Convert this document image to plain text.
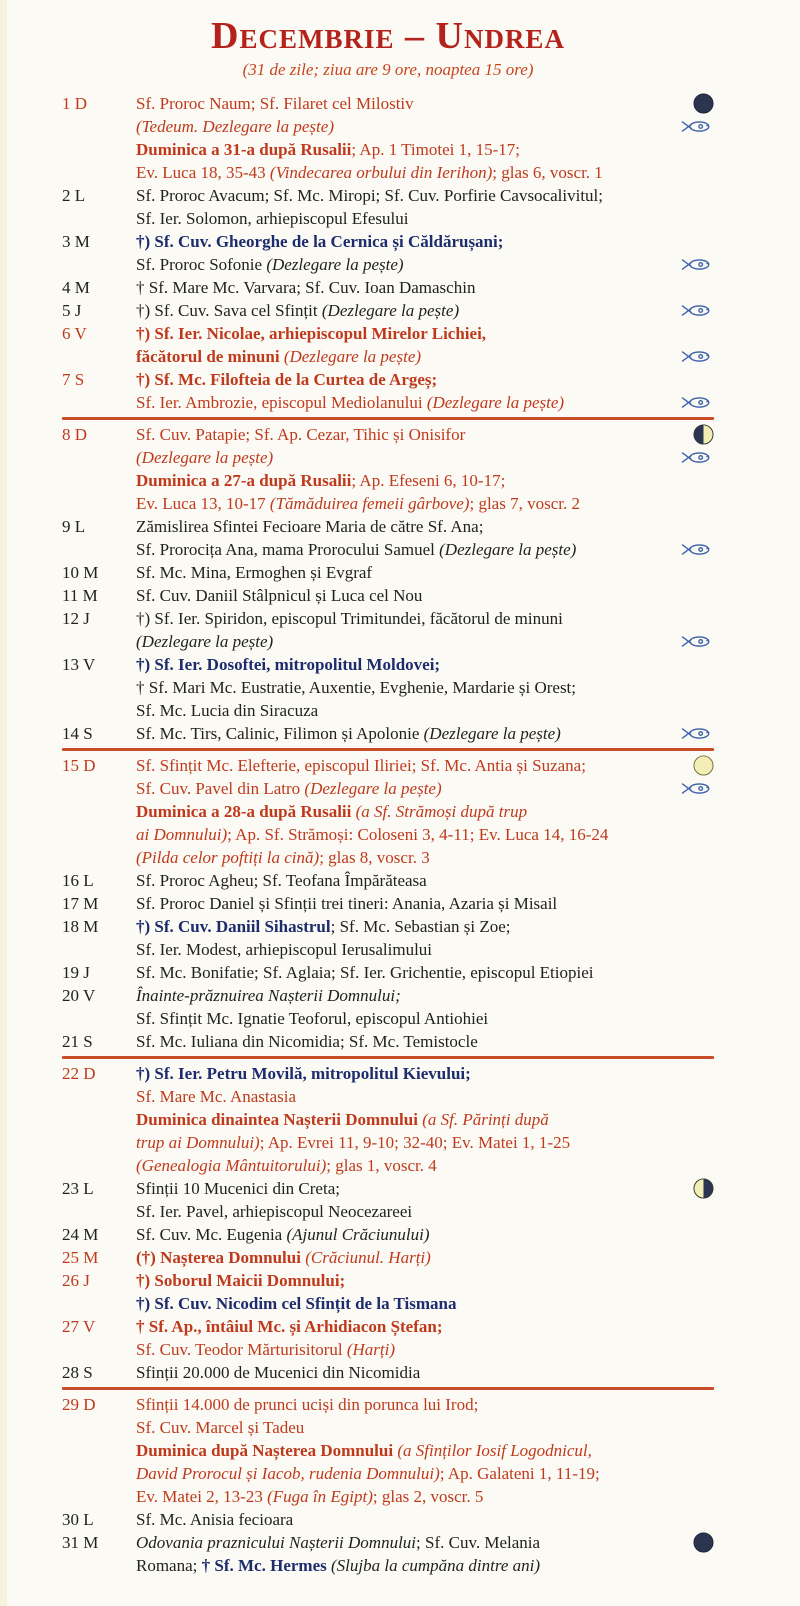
Decembrie – Undrea
(31 de zile; ziua are 9 ore, noaptea 15 ore)
1 D	Sf. Proroc Naum; Sf. Filaret cel Milostiv
(Tedeum. Dezlegare la pește)
Duminica a 31-a după Rusalii ; Ap. 1 Timotei 1, 15-17;
Ev. Luca 18, 35-43 (Vindecarea orbului din Ierihon) ; glas 6, voscr. 1
2 L	Sf. Proroc Avacum; Sf. Mc. Miropi; Sf. Cuv. Porfirie Cavsocalivitul;
Sf. Ier. Solomon, arhiepiscopul Efesului
3 M	†) Sf. Cuv. Gheorghe de la Cernica și Căldărușani;
Sf. Proroc Sofonie (Dezlegare la pește)
4 M	† Sf. Mare Mc. Varvara; Sf. Cuv. Ioan Damaschin
5 J	†) Sf. Cuv. Sava cel Sfințit (Dezlegare la pește)
6 V	†) Sf. Ier. Nicolae, arhiepiscopul Mirelor Lichiei,
făcătorul de minuni (Dezlegare la pește)
7 S	†) Sf. Mc. Filofteia de la Curtea de Argeș;
Sf. Ier. Ambrozie, episcopul Mediolanului (Dezlegare la pește)
8 D	Sf. Cuv. Patapie; Sf. Ap. Cezar, Tihic și Onisifor
(Dezlegare la pește)
Duminica a 27-a după Rusalii ; Ap. Efeseni 6, 10-17;
Ev. Luca 13, 10-17 (Tămăduirea femeii gârbove) ; glas 7, voscr. 2
9 L	Zămislirea Sfintei Fecioare Maria de către Sf. Ana;
Sf. Prorocița Ana, mama Prorocului Samuel (Dezlegare la pește)
10 M	Sf. Mc. Mina, Ermoghen și Evgraf
11 M	Sf. Cuv. Daniil Stâlpnicul și Luca cel Nou
12 J	†) Sf. Ier. Spiridon, episcopul Trimitundei, făcătorul de minuni
(Dezlegare la pește)
13 V	†) Sf. Ier. Dosoftei, mitropolitul Moldovei;
† Sf. Mari Mc. Eustratie, Auxentie, Evghenie, Mardarie și Orest;
Sf. Mc. Lucia din Siracuza
14 S	Sf. Mc. Tirs, Calinic, Filimon și Apolonie (Dezlegare la pește)
15 D	Sf. Sfințit Mc. Elefterie, episcopul Iliriei; Sf. Mc. Antia și Suzana;
Sf. Cuv. Pavel din Latro (Dezlegare la pește)
Duminica a 28-a după Rusalii (a Sf. Strămoși după trup
ai Domnului) ; Ap. Sf. Strămoși: Coloseni 3, 4-11; Ev. Luca 14, 16-24
(Pilda celor poftiți la cină) ; glas 8, voscr. 3
16 L	Sf. Proroc Agheu; Sf. Teofana Împărăteasa
17 M	Sf. Proroc Daniel și Sfinții trei tineri: Anania, Azaria și Misail
18 M	†) Sf. Cuv. Daniil Sihastrul ; Sf. Mc. Sebastian și Zoe;
Sf. Ier. Modest, arhiepiscopul Ierusalimului
19 J	Sf. Mc. Bonifatie; Sf. Aglaia; Sf. Ier. Grichentie, episcopul Etiopiei
20 V	Înainte-prăznuirea Nașterii Domnului;
Sf. Sfințit Mc. Ignatie Teoforul, episcopul Antiohiei
21 S	Sf. Mc. Iuliana din Nicomidia; Sf. Mc. Temistocle
22 D	†) Sf. Ier. Petru Movilă, mitropolitul Kievului;
Sf. Mare Mc. Anastasia
Duminica dinaintea Nașterii Domnului (a Sf. Părinți după
trup ai Domnului) ; Ap. Evrei 11, 9-10; 32-40; Ev. Matei 1, 1-25
(Genealogia Mântuitorului) ; glas 1, voscr. 4
23 L	Sfinții 10 Mucenici din Creta;
Sf. Ier. Pavel, arhiepiscopul Neocezareei
24 M	Sf. Cuv. Mc. Eugenia (Ajunul Crăciunului)
25 M	(†) Nașterea Domnului (Crăciunul. Harți)
26 J	†) Soborul Maicii Domnului;
†) Sf. Cuv. Nicodim cel Sfințit de la Tismana
27 V	† Sf. Ap., întâiul Mc. și Arhidiacon Ștefan;
Sf. Cuv. Teodor Mărturisitorul (Harți)
28 S	Sfinții 20.000 de Mucenici din Nicomidia
29 D	Sfinții 14.000 de prunci uciși din porunca lui Irod;
Sf. Cuv. Marcel și Tadeu
Duminica după Nașterea Domnului (a Sfinților Iosif Logodnicul,
David Prorocul și Iacob, rudenia Domnului) ; Ap. Galateni 1, 11-19;
Ev. Matei 2, 13-23 (Fuga în Egipt) ; glas 2, voscr. 5
30 L	Sf. Mc. Anisia fecioara
31 M	Odovania praznicului Nașterii Domnului ; Sf. Cuv. Melania
Romana; † Sf. Mc. Hermes (Slujba la cumpăna dintre ani)
